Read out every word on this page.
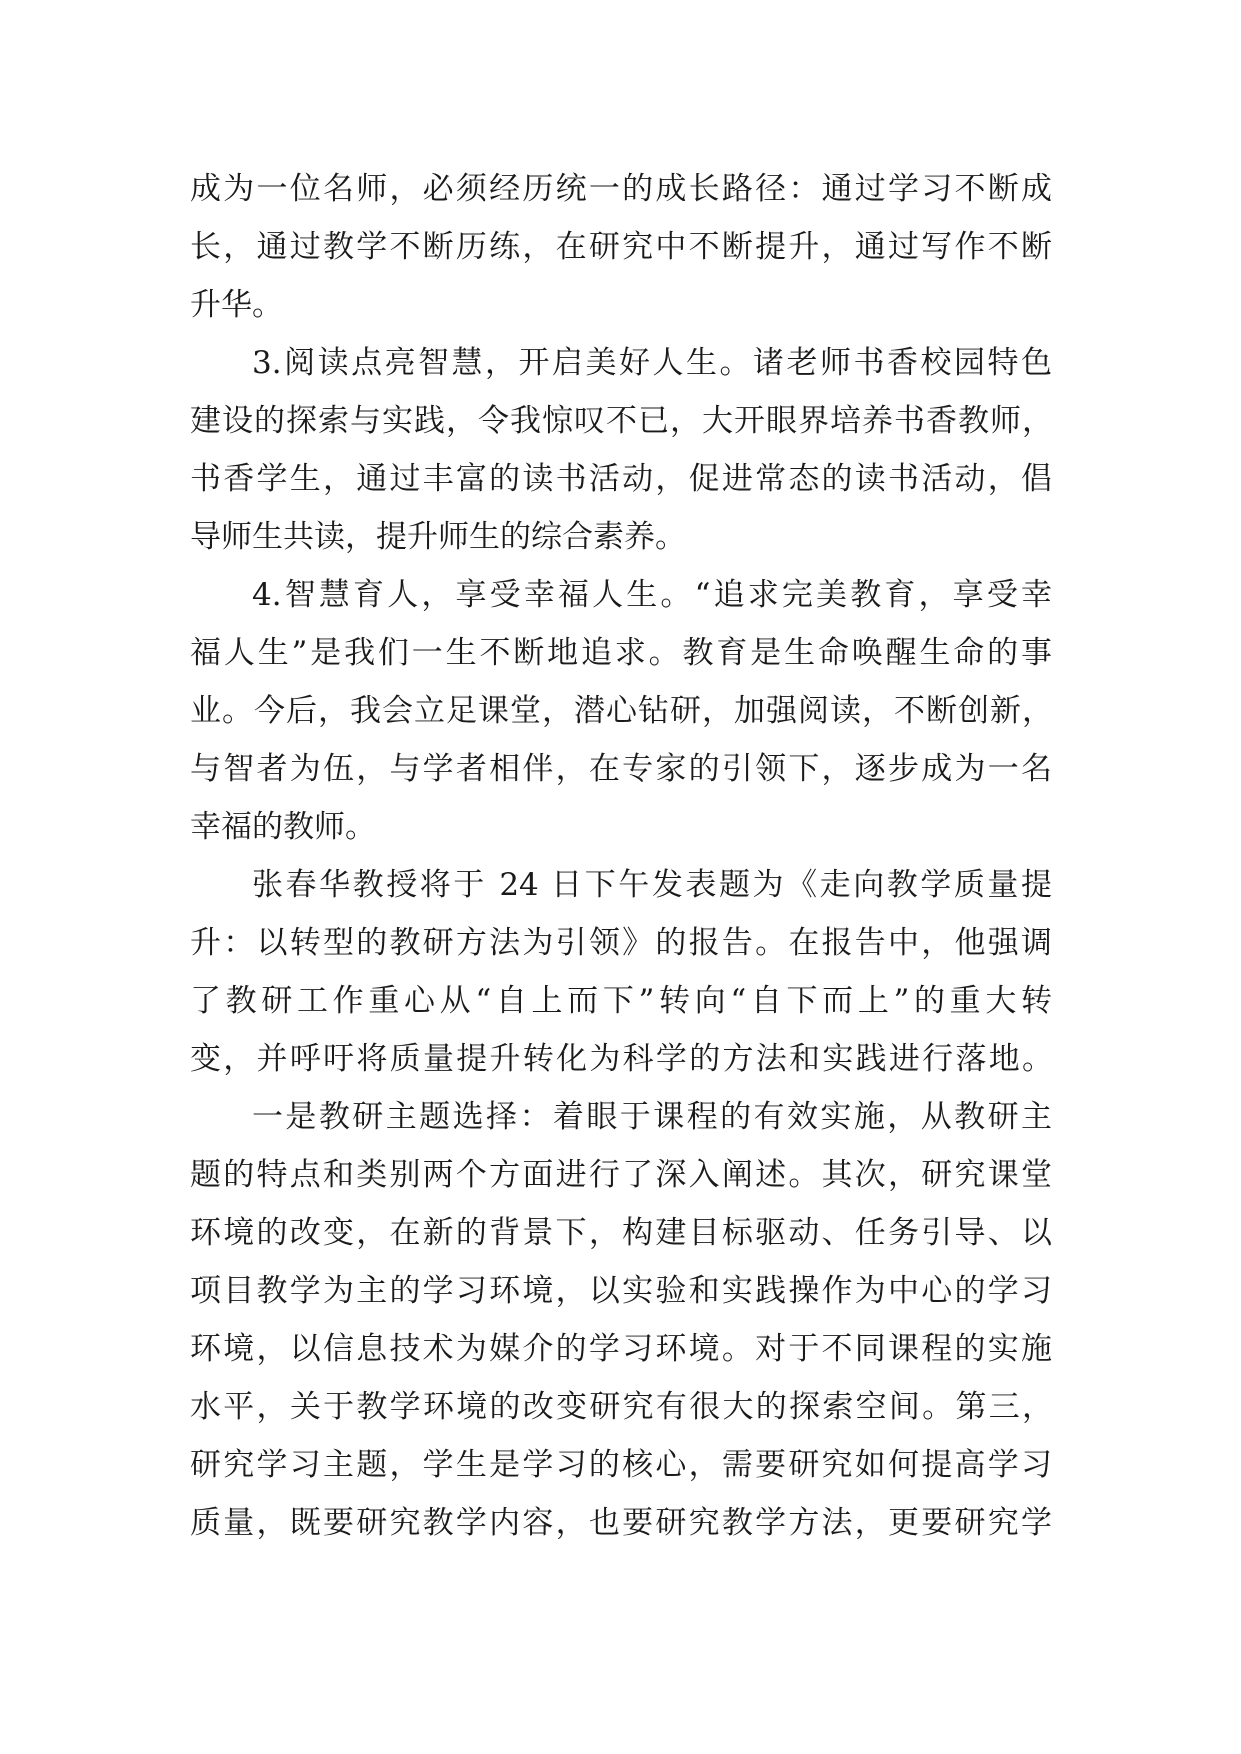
成为一位名师，必须经历统一的成长路径：通过学习不断成
长，通过教学不断历练，在研究中不断提升，通过写作不断
升华。
3.阅读点亮智慧，开启美好人生。诸老师书香校园特色
建设的探索与实践，令我惊叹不已，大开眼界培养书香教师，
书香学生，通过丰富的读书活动，促进常态的读书活动，倡
导师生共读，提升师生的综合素养。
4.智慧育人，享受幸福人生。“追求完美教育，享受幸
福人生”是我们一生不断地追求。教育是生命唤醒生命的事
业。今后，我会立足课堂，潜心钻研，加强阅读，不断创新，
与智者为伍，与学者相伴，在专家的引领下，逐步成为一名
幸福的教师。
张春华教授将于 24 日下午发表题为《走向教学质量提
升：以转型的教研方法为引领》的报告。在报告中，他强调
了教研工作重心从“自上而下”转向“自下而上”的重大转
变，并呼吁将质量提升转化为科学的方法和实践进行落地。
一是教研主题选择：着眼于课程的有效实施，从教研主
题的特点和类别两个方面进行了深入阐述。其次，研究课堂
环境的改变，在新的背景下，构建目标驱动、任务引导、以
项目教学为主的学习环境，以实验和实践操作为中心的学习
环境，以信息技术为媒介的学习环境。对于不同课程的实施
水平，关于教学环境的改变研究有很大的探索空间。第三，
研究学习主题，学生是学习的核心，需要研究如何提高学习
质量，既要研究教学内容，也要研究教学方法，更要研究学
